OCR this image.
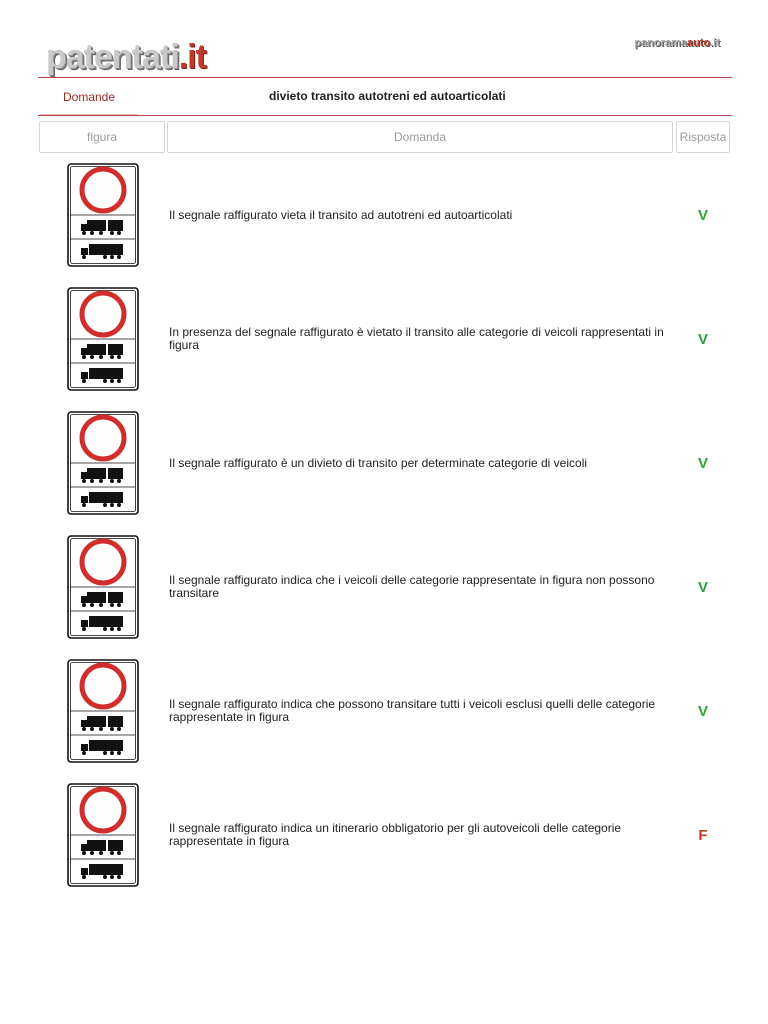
patentati.it	panoramaauto.it
Domande	divieto transito autotreni ed autoarticolati
figura	Domanda	Risposta
Il segnale raffigurato vieta il transito ad autotreni ed autoarticolati	V
In presenza del segnale raffigurato è vietato il transito alle categorie di veicoli rappresentati in figura	V
Il segnale raffigurato è un divieto di transito per determinate categorie di veicoli	V
Il segnale raffigurato indica che i veicoli delle categorie rappresentate in figura non possono transitare	V
Il segnale raffigurato indica che possono transitare tutti i veicoli esclusi quelli delle categorie rappresentate in figura	V
Il segnale raffigurato indica un itinerario obbligatorio per gli autoveicoli delle categorie rappresentate in figura	F
